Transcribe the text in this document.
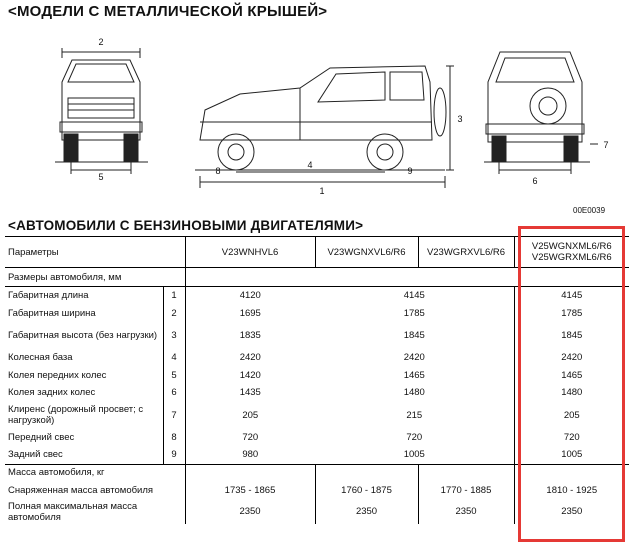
<МОДЕЛИ С МЕТАЛЛИЧЕСКОЙ КРЫШЕЙ>
2
5
8
4
9
1
3
6
7
00E0039
<АВТОМОБИЛИ С БЕНЗИНОВЫМИ ДВИГАТЕЛЯМИ>
Параметры		V23WNHVL6	V23WGNXVL6/R6	V23WGRXVL6/R6	V25WGNXML6/R6
V25WGRXML6/R6
Размеры автомобиля, мм					
Габаритная длина	1	4120	4145		4145
Габаритная ширина	2	1695	1785		1785
Габаритная высота (без нагрузки)	3	1835	1845		1845
Колесная база	4	2420	2420		2420
Колея передних колес	5	1420	1465		1465
Колея задних колес	6	1435	1480		1480
Клиренс (дорожный просвет; с нагрузкой)	7	205	215		205
Передний свес	8	720	720		720
Задний свес	9	980	1005		1005
Масса автомобиля, кг					
Снаряженная масса автомобиля		1735 - 1865	1760 - 1875	1770 - 1885	1810 - 1925
Полная максимальная масса автомобиля		2350	2350	2350	2350
